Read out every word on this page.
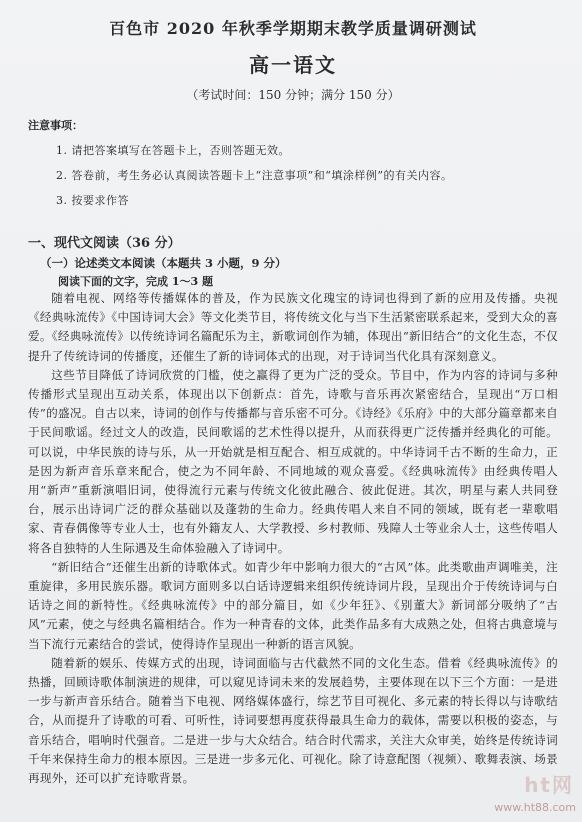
百色市 2020 年秋季学期期末教学质量调研测试
高一语文
（考试时间：150 分钟；满分 150 分）
注意事项：
1. 请把答案填写在答题卡上，否则答题无效。
2. 答卷前，考生务必认真阅读答题卡上“注意事项”和“填涂样例”的有关内容。
3. 按要求作答
一、现代文阅读（36 分）
（一）论述类文本阅读（本题共 3 小题，9 分）
阅读下面的文字，完成 1～3 题

随着电视、网络等传播媒体的普及，作为民族文化瑰宝的诗词也得到了新的应用及传播。央视《经典咏流传》《中国诗词大会》等文化类节目，将传统文化与当下生活紧密联系起来，受到大众的喜爱。《经典咏流传》以传统诗词名篇配乐为主，新歌词创作为辅，体现出“新旧结合”的文化生态，不仅提升了传统诗词的传播度，还催生了新的诗词体式的出现，对于诗词当代化具有深刻意义。

这些节目降低了诗词欣赏的门槛，使之赢得了更为广泛的受众。节目中，作为内容的诗词与多种传播形式呈现出互动关系，体现出以下创新点：首先，诗歌与音乐再次紧密结合，呈现出“万口相传”的盛况。自古以来，诗词的创作与传播都与音乐密不可分。《诗经》《乐府》中的大部分篇章都来自于民间歌谣。经过文人的改造，民间歌谣的艺术性得以提升，从而获得更广泛传播并经典化的可能。可以说，中华民族的诗与乐，从一开始就是相互配合、相互成就的。中华诗词千古不断的生命力，正是因为新声音乐章来配合，使之为不同年龄、不同地域的观众喜爱。《经典咏流传》由经典传唱人用“新声”重新演唱旧词，使得流行元素与传统文化彼此融合、彼此促进。其次，明星与素人共同登台，展示出诗词广泛的群众基础以及蓬勃的生命力。经典传唱人来自不同的领域，既有老一辈歌唱家、青春偶像等专业人士，也有外籍友人、大学教授、乡村教师、残障人士等业余人士，这些传唱人将各自独特的人生际遇及生命体验融入了诗词中。

“新旧结合”还催生出新的诗歌体式。如青少年中影响力很大的“古风”体。此类歌曲声调唯美，注重旋律，多用民族乐器。歌词方面则多以白话诗逻辑来组织传统诗词片段，呈现出介于传统诗词与白话诗之间的新特性。《经典咏流传》中的部分篇目，如《少年狂》、《别董大》新词部分吸纳了“古风”元素，使之与经典名篇相结合。作为一种青春的文体，此类作品多有大成熟之处，但将古典意境与当下流行元素结合的尝试，使得诗作呈现出一种新的语言风貌。

随着新的娱乐、传媒方式的出现，诗词面临与古代截然不同的文化生态。借着《经典咏流传》的热播，回顾诗歌体制演进的规律，可以窥见诗词未来的发展趋势，主要体现在以下三个方面：一是进一步与新声音乐结合。随着当下电视、网络媒体盛行，综艺节目可视化、多元素的特长得以与诗歌结合，从而提升了诗歌的可看、可听性，诗词要想再度获得最具生命力的载体，需要以积极的姿态，与音乐结合，唱响时代强音。二是进一步与大众结合。结合时代需求，关注大众审美，始终是传统诗词千年来保持生命力的根本原因。三是进一步多元化、可视化。除了诗意配图（视频）、歌舞表演、场景再现外，还可以扩充诗歌背景。	ht网
www.ht88.com
